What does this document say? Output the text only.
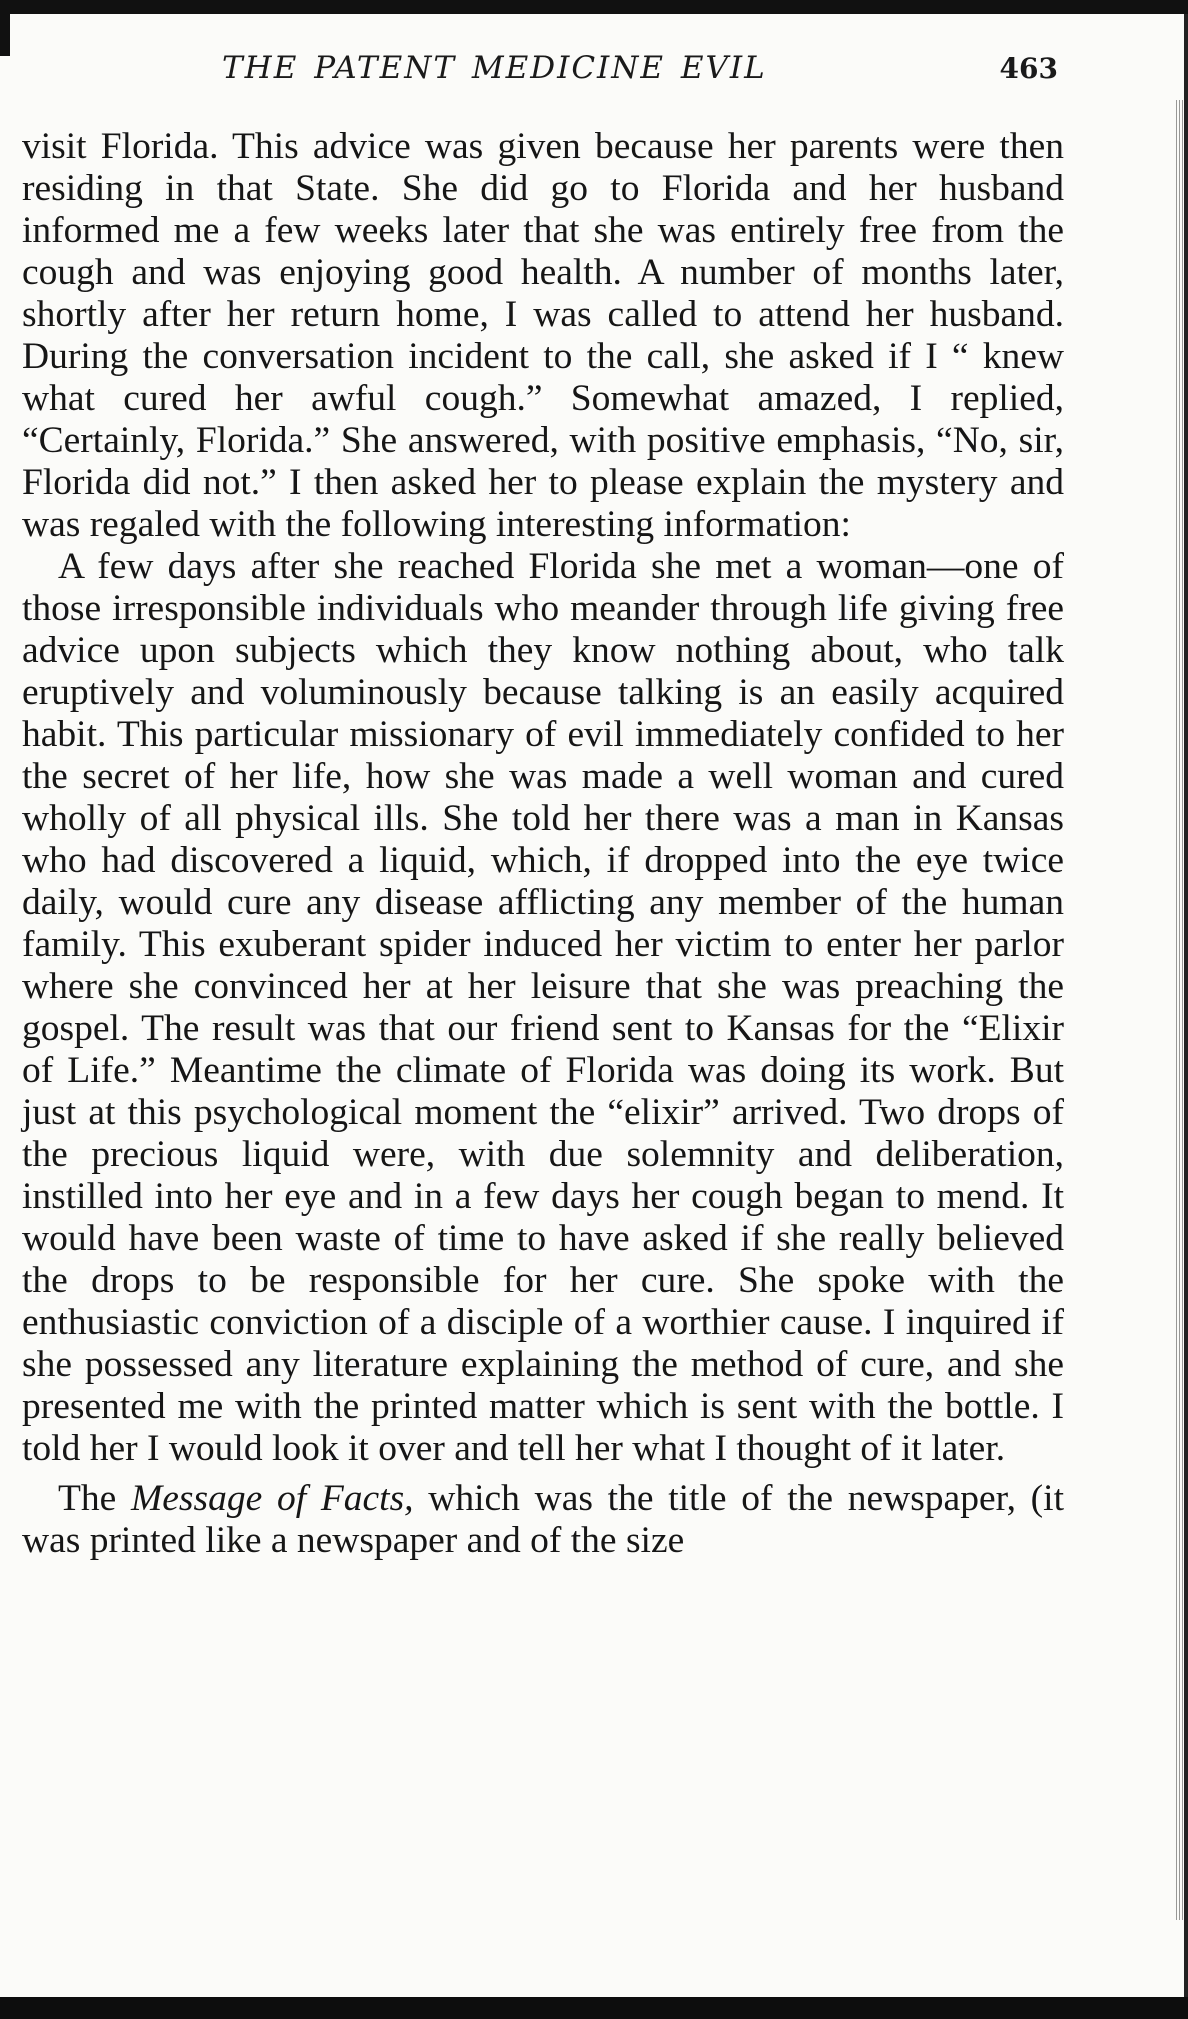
THE PATENT MEDICINE EVIL	463

visit Florida. This advice was given because her parents were then residing in that State. She did go to Florida and her husband informed me a few weeks later that she was entirely free from the cough and was enjoying good health. A number of months later, shortly after her return home, I was called to attend her husband. During the conversation incident to the call, she asked if I “ knew what cured her awful cough.” Somewhat amazed, I replied, “Certainly, Florida.” She answered, with positive emphasis, “No, sir, Florida did not.” I then asked her to please explain the mystery and was regaled with the following interesting information:

A few days after she reached Florida she met a woman—one of those irresponsible individuals who meander through life giving free advice upon subjects which they know nothing about, who talk eruptively and voluminously because talking is an easily acquired habit. This particular missionary of evil immediately confided to her the secret of her life, how she was made a well woman and cured wholly of all physical ills. She told her there was a man in Kansas who had discovered a liquid, which, if dropped into the eye twice daily, would cure any disease afflicting any member of the human family. This exuberant spider induced her victim to enter her parlor where she convinced her at her leisure that she was preaching the gospel. The result was that our friend sent to Kansas for the “Elixir of Life.” Meantime the climate of Florida was doing its work. But just at this psychological moment the “elixir” arrived. Two drops of the precious liquid were, with due solemnity and deliberation, instilled into her eye and in a few days her cough began to mend. It would have been waste of time to have asked if she really believed the drops to be responsible for her cure. She spoke with the enthusiastic conviction of a disciple of a worthier cause. I inquired if she possessed any literature explaining the method of cure, and she presented me with the printed matter which is sent with the bottle. I told her I would look it over and tell her what I thought of it later.

The Message of Facts, which was the title of the newspaper, (it was printed like a newspaper and of the size
